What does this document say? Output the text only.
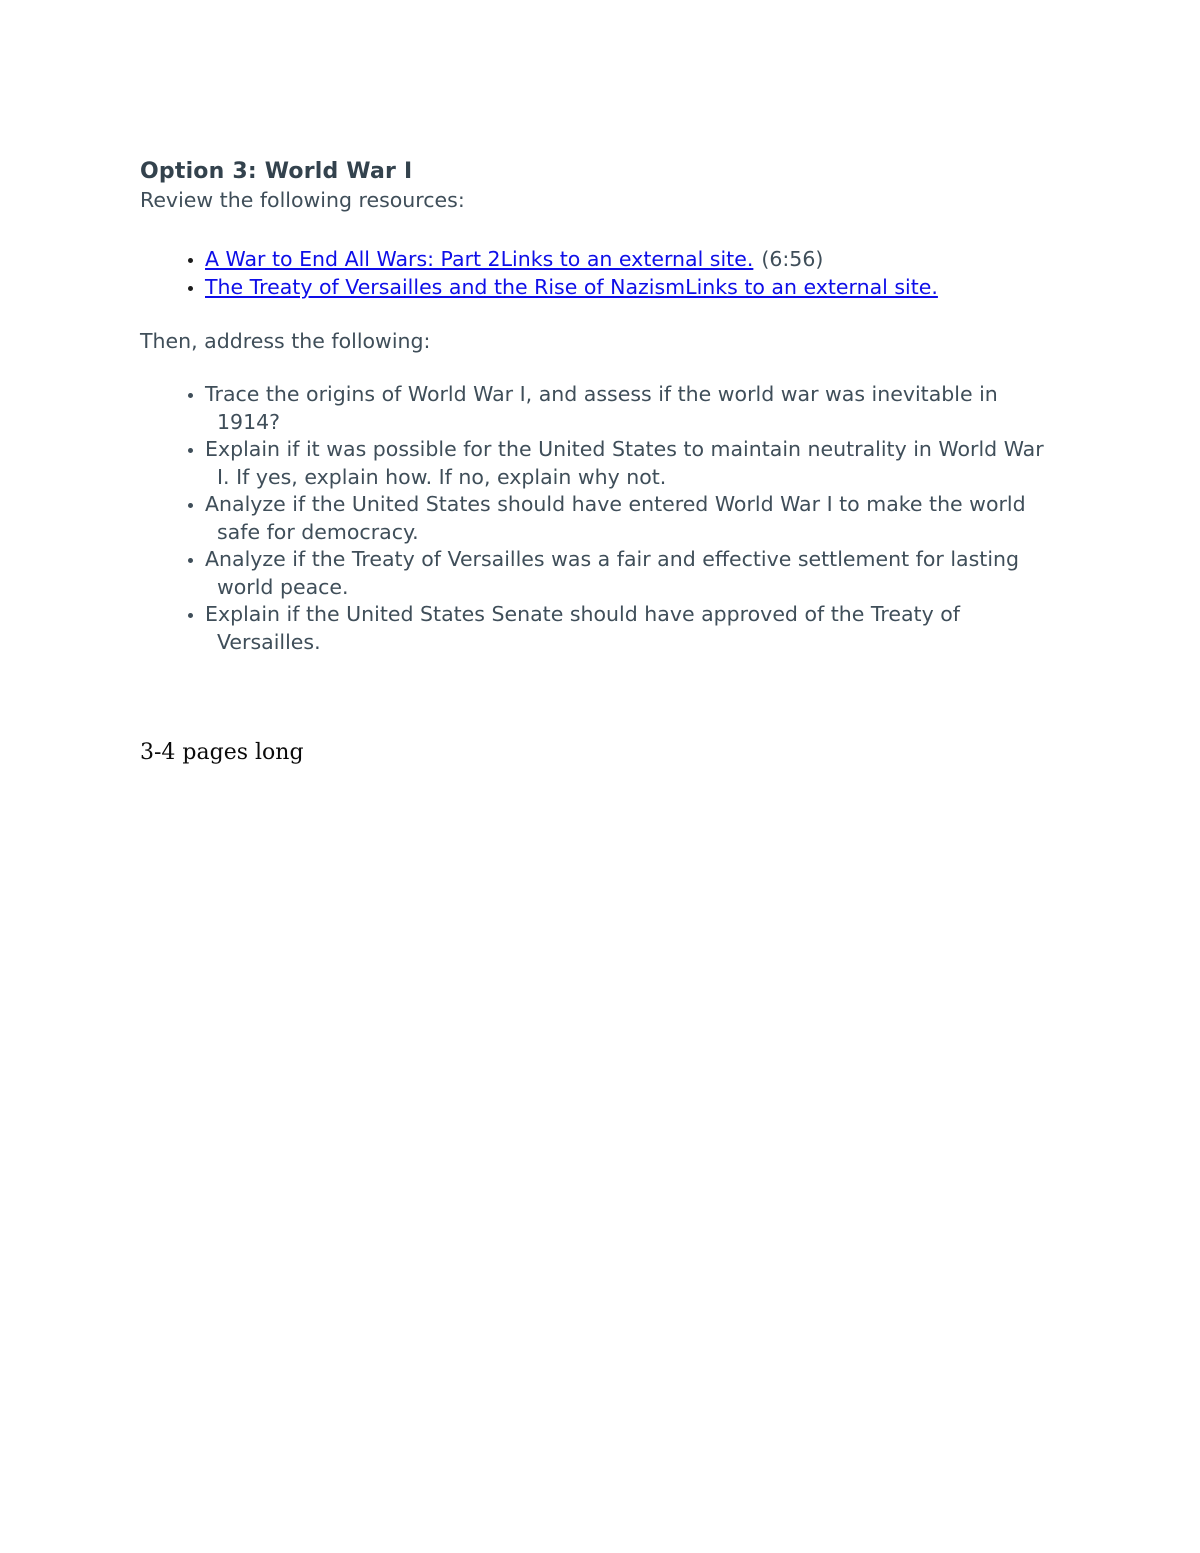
Option 3: World War I

Review the following resources:

• A War to End All Wars: Part 2Links to an external site. (6:56)
• The Treaty of Versailles and the Rise of NazismLinks to an external site.

Then, address the following:

• Trace the origins of World War I, and assess if the world war was inevitable in 1914?
• Explain if it was possible for the United States to maintain neutrality in World War I. If yes, explain how. If no, explain why not.
• Analyze if the United States should have entered World War I to make the world safe for democracy.
• Analyze if the Treaty of Versailles was a fair and effective settlement for lasting world peace.
• Explain if the United States Senate should have approved of the Treaty of Versailles.

3-4 pages long
